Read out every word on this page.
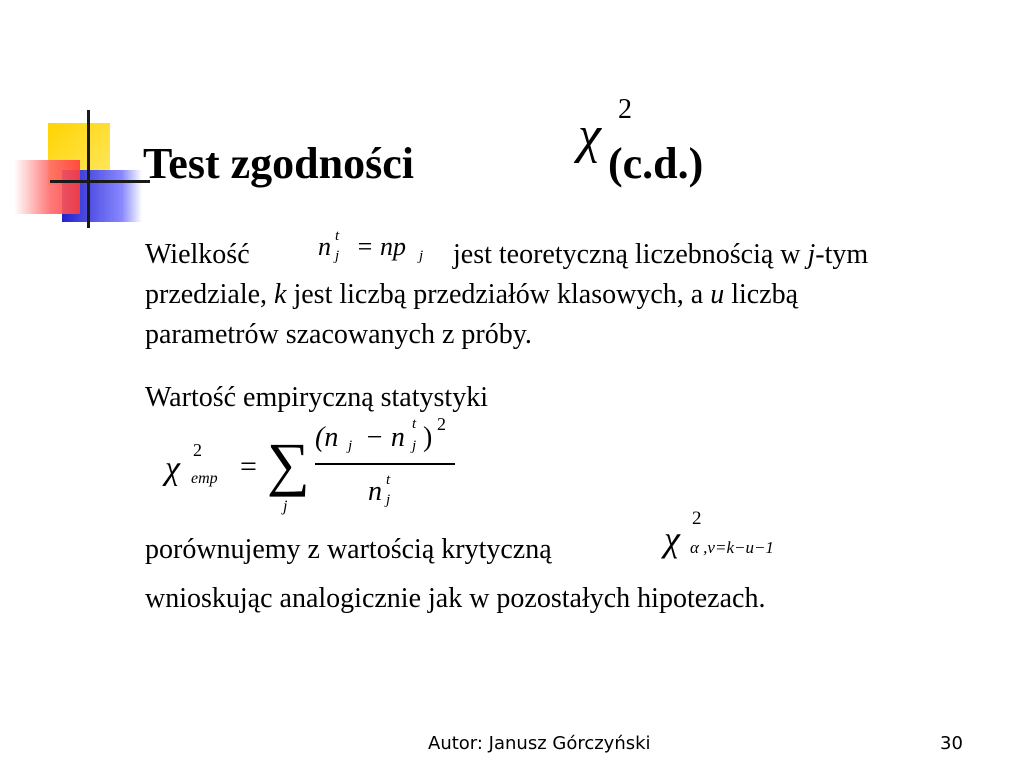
Test zgodności	χ 2
(c.d.)
Wielkość	n t
j = np j jest teoretyczną liczebnością w j-tym
przedziale, k jest liczbą przedziałów klasowych, a u liczbą
parametrów szacowanych z próby.
Wartość empiryczną statystyki
χ 2
emp = ∑
j
(n j − n t
j ) 2
n t
j
porównujemy z wartością krytyczną	χ
2
α ,v=k−u−1
wnioskując analogicznie jak w pozostałych hipotezach.
Autor: Janusz Górczyński	30
